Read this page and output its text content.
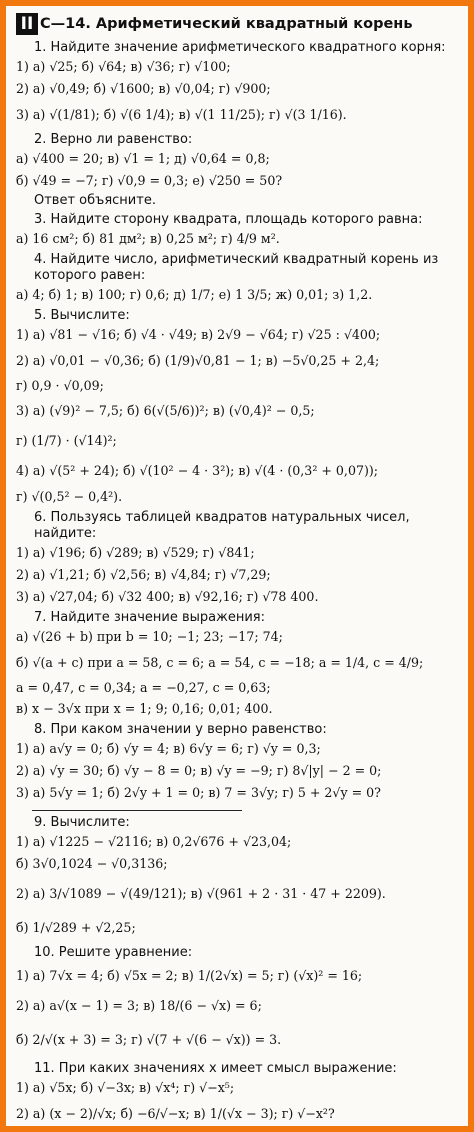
II С—14. Арифметический квадратный корень
1. Найдите значение арифметического квадратного корня:
1) а) √25; б) √64; в) √36; г) √100;
2) а) √0,49; б) √1600; в) √0,04; г) √900;
3) а) √(1/81); б) √(6 1/4); в) √(1 11/25); г) √(3 1/16).
2. Верно ли равенство:
а) √400 = 20; в) √1 = 1; д) √0,64 = 0,8;
б) √49 = −7; г) √0,9 = 0,3; е) √250 = 50?
Ответ объясните.
3. Найдите сторону квадрата, площадь которого равна:
а) 16 см²; б) 81 дм²; в) 0,25 м²; г) 4/9 м².
4. Найдите число, арифметический квадратный корень из которого равен:
а) 4; б) 1; в) 100; г) 0,6; д) 1/7; е) 1 3/5; ж) 0,01; з) 1,2.
5. Вычислите:
1) а) √81 − √16; б) √4 · √49; в) 2√9 − √64; г) √25 : √400;
2) а) √0,01 − √0,36; б) (1/9)√0,81 − 1; в) −5√0,25 + 2,4;
г) 0,9 · √0,09;
3) а) (√9)² − 7,5; б) 6(√(5/6))²; в) (√0,4)² − 0,5;
г) (1/7) · (√14)²;
4) а) √(5² + 24); б) √(10² − 4 · 3²); в) √(4 · (0,3² + 0,07));
г) √(0,5² − 0,4²).
6. Пользуясь таблицей квадратов натуральных чисел, найдите:
1) а) √196; б) √289; в) √529; г) √841;
2) а) √1,21; б) √2,56; в) √4,84; г) √7,29;
3) а) √27,04; б) √32 400; в) √92,16; г) √78 400.
7. Найдите значение выражения:
а) √(26 + b) при b = 10; −1; 23; −17; 74;
б) √(a + c) при a = 58, c = 6; a = 54, c = −18; a = 1/4, c = 4/9;
a = 0,47, c = 0,34; a = −0,27, c = 0,63;
в) x − 3√x при x = 1; 9; 0,16; 0,01; 400.
8. При каком значении y верно равенство:
1) а) a√y = 0; б) √y = 4; в) 6√y = 6; г) √y = 0,3;
2) а) √y = 30; б) √y − 8 = 0; в) √y = −9; г) 8√|y| − 2 = 0;
3) а) 5√y = 1; б) 2√y + 1 = 0; в) 7 = 3√y; г) 5 + 2√y = 0?
9. Вычислите:
1) а) √1225 − √2116; в) 0,2√676 + √23,04;
б) 3√0,1024 − √0,3136;
2) а) 3/√1089 − √(49/121); в) √(961 + 2 · 31 · 47 + 2209).
б) 1/√289 + √2,25;
10. Решите уравнение:
1) а) 7√x = 4; б) √5x = 2; в) 1/(2√x) = 5; г) (√x)² = 16;
2) а) a√(x − 1) = 3; в) 18/(6 − √x) = 6;
б) 2/√(x + 3) = 3; г) √(7 + √(6 − √x)) = 3.
11. При каких значениях x имеет смысл выражение:
1) а) √5x; б) √−3x; в) √x⁴; г) √−x⁵;
2) а) (x − 2)/√x; б) −6/√−x; в) 1/(√x − 3); г) √−x²?
